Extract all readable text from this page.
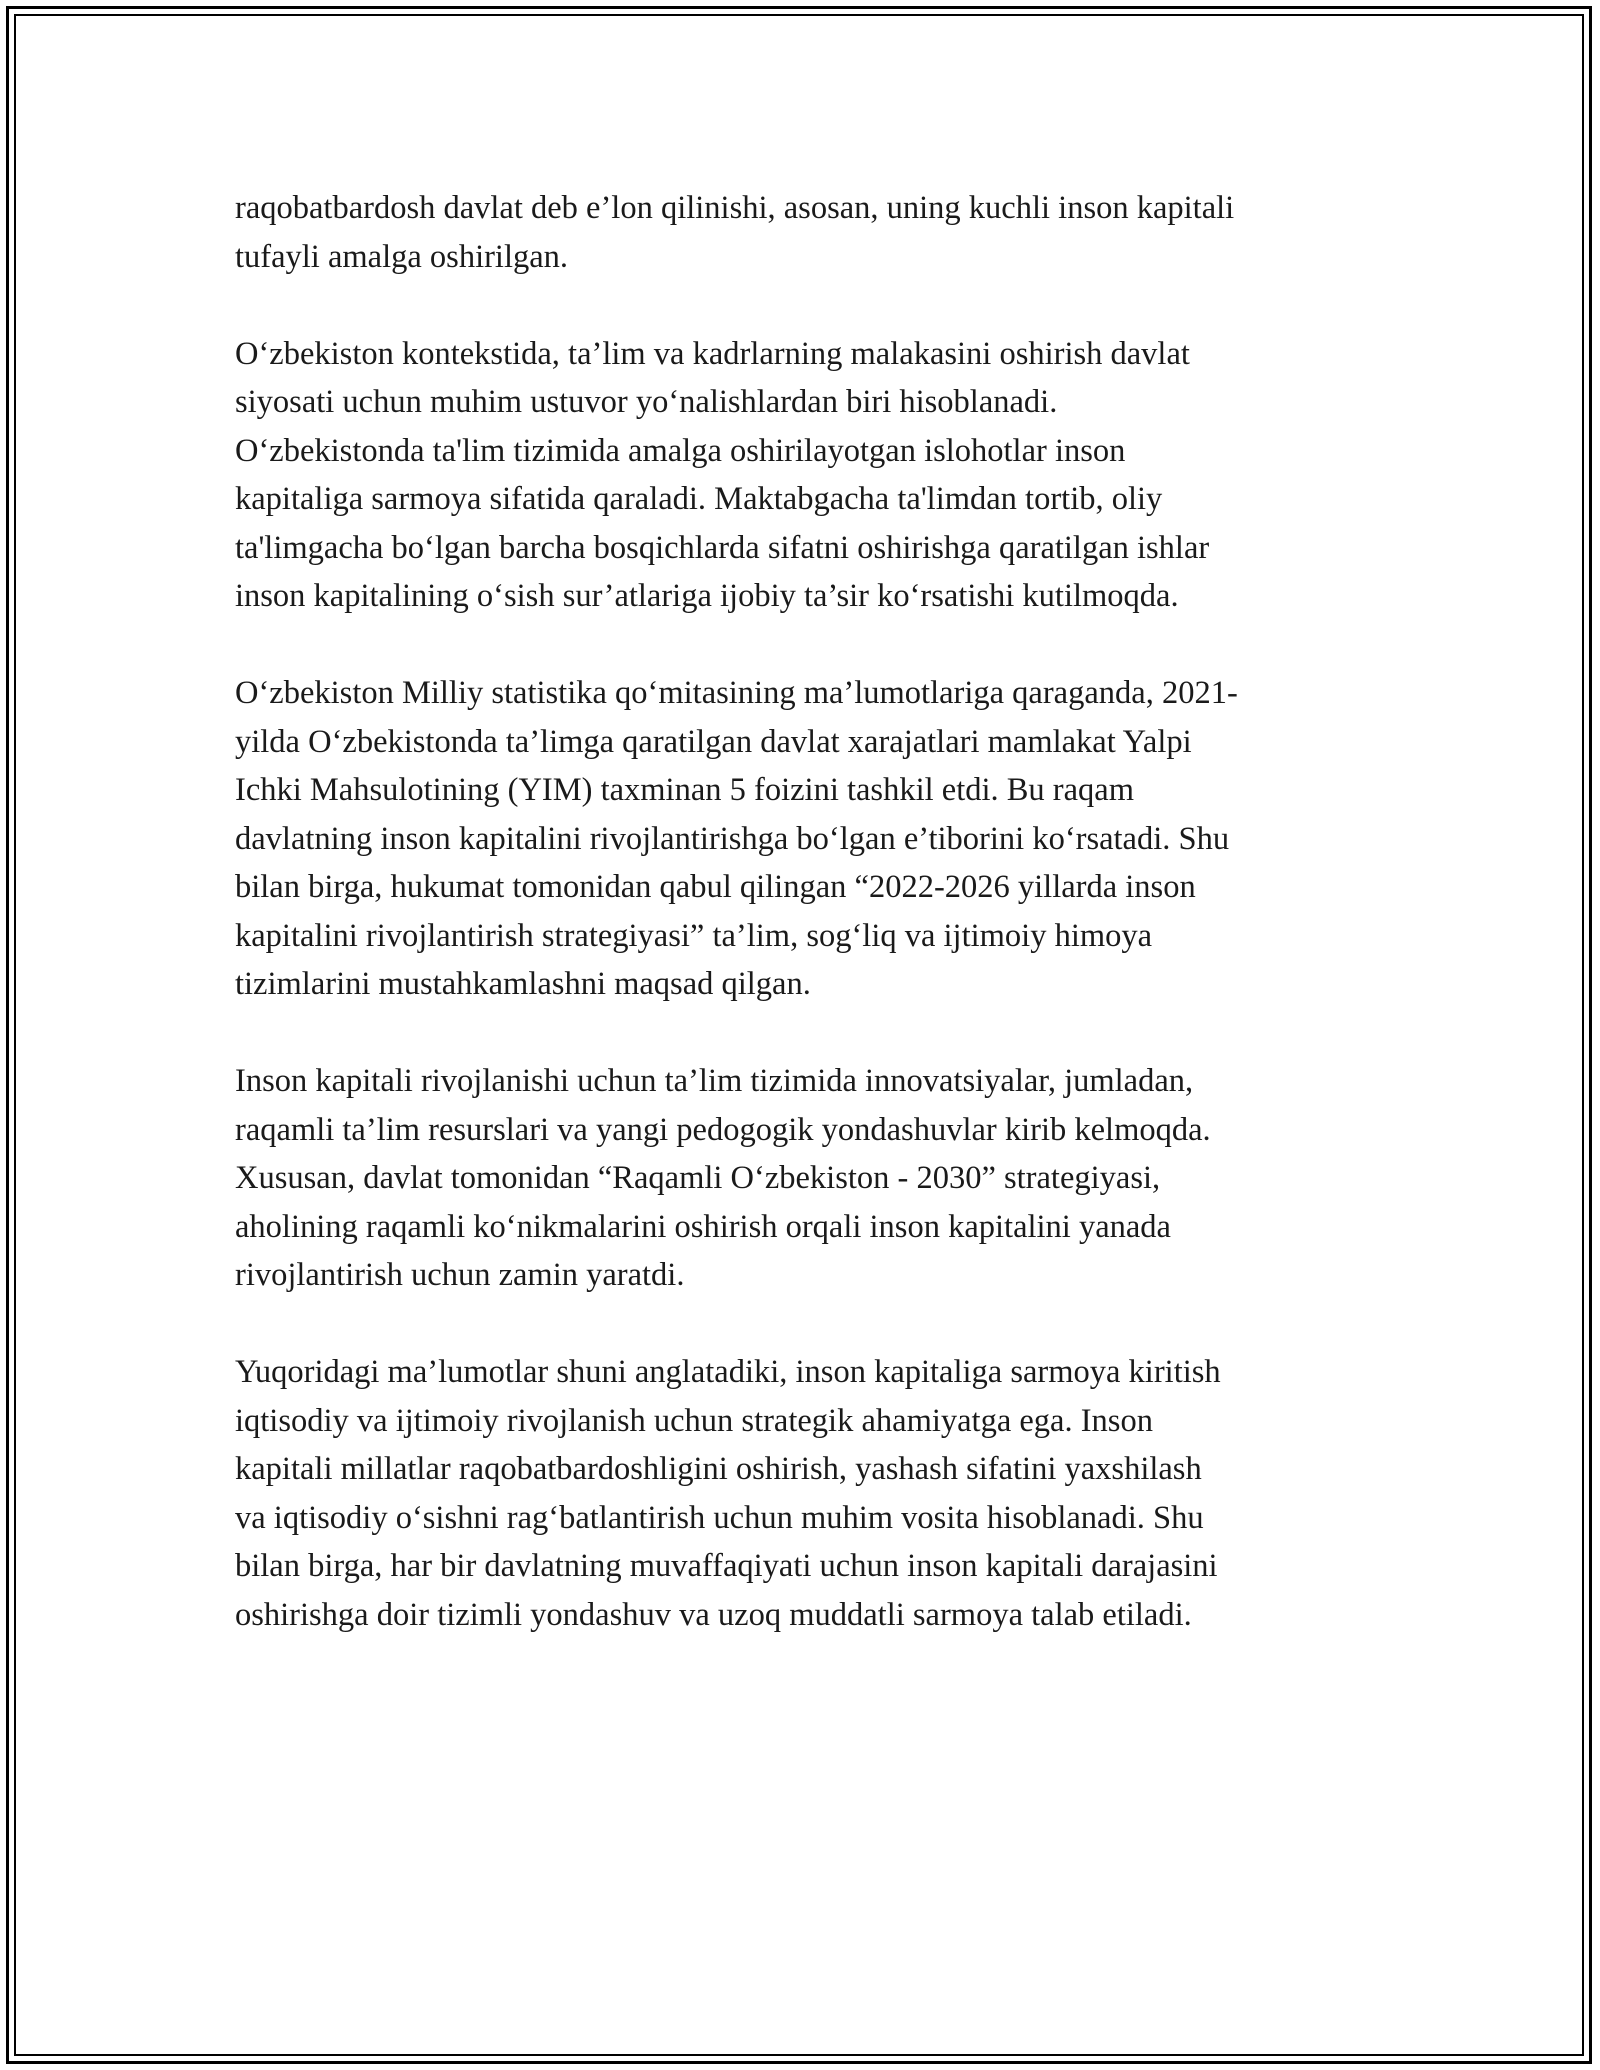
raqobatbardosh davlat deb e’lon qilinishi, asosan, uning kuchli inson kapitali
tufayli amalga oshirilgan.

O‘zbekiston kontekstida, ta’lim va kadrlarning malakasini oshirish davlat
siyosati uchun muhim ustuvor yo‘nalishlardan biri hisoblanadi.
O‘zbekistonda ta'lim tizimida amalga oshirilayotgan islohotlar inson
kapitaliga sarmoya sifatida qaraladi. Maktabgacha ta'limdan tortib, oliy
ta'limgacha bo‘lgan barcha bosqichlarda sifatni oshirishga qaratilgan ishlar
inson kapitalining o‘sish sur’atlariga ijobiy ta’sir ko‘rsatishi kutilmoqda.

O‘zbekiston Milliy statistika qo‘mitasining ma’lumotlariga qaraganda, 2021-
yilda O‘zbekistonda ta’limga qaratilgan davlat xarajatlari mamlakat Yalpi
Ichki Mahsulotining (YIM) taxminan 5 foizini tashkil etdi. Bu raqam
davlatning inson kapitalini rivojlantirishga bo‘lgan e’tiborini ko‘rsatadi. Shu
bilan birga, hukumat tomonidan qabul qilingan “2022-2026 yillarda inson
kapitalini rivojlantirish strategiyasi” ta’lim, sog‘liq va ijtimoiy himoya
tizimlarini mustahkamlashni maqsad qilgan.

Inson kapitali rivojlanishi uchun ta’lim tizimida innovatsiyalar, jumladan,
raqamli ta’lim resurslari va yangi pedogogik yondashuvlar kirib kelmoqda.
Xususan, davlat tomonidan “Raqamli O‘zbekiston - 2030” strategiyasi,
aholining raqamli ko‘nikmalarini oshirish orqali inson kapitalini yanada
rivojlantirish uchun zamin yaratdi.

Yuqoridagi ma’lumotlar shuni anglatadiki, inson kapitaliga sarmoya kiritish
iqtisodiy va ijtimoiy rivojlanish uchun strategik ahamiyatga ega. Inson
kapitali millatlar raqobatbardoshligini oshirish, yashash sifatini yaxshilash
va iqtisodiy o‘sishni rag‘batlantirish uchun muhim vosita hisoblanadi. Shu
bilan birga, har bir davlatning muvaffaqiyati uchun inson kapitali darajasini
oshirishga doir tizimli yondashuv va uzoq muddatli sarmoya talab etiladi.
